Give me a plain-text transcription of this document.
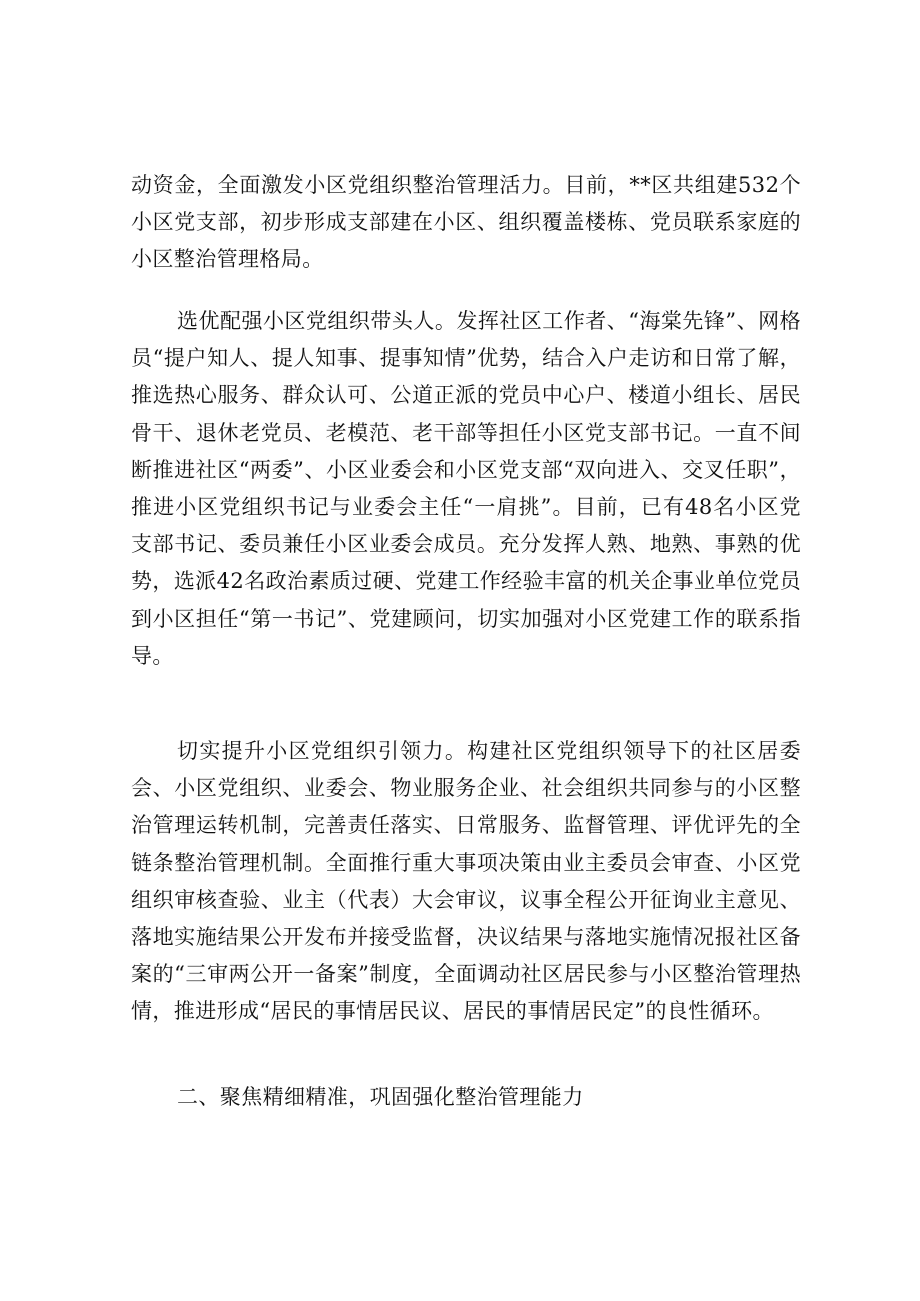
动资金，全面激发小区党组织整治管理活力。目前，**区共组建532个小区党支部，初步形成支部建在小区、组织覆盖楼栋、党员联系家庭的小区整治管理格局。

选优配强小区党组织带头人。发挥社区工作者、“海棠先锋”、网格员“提户知人、提人知事、提事知情”优势，结合入户走访和日常了解，推选热心服务、群众认可、公道正派的党员中心户、楼道小组长、居民骨干、退休老党员、老模范、老干部等担任小区党支部书记。一直不间断推进社区“两委”、小区业委会和小区党支部“双向进入、交叉任职”，推进小区党组织书记与业委会主任“一肩挑”。目前，已有48名小区党支部书记、委员兼任小区业委会成员。充分发挥人熟、地熟、事熟的优势，选派42名政治素质过硬、党建工作经验丰富的机关企事业单位党员到小区担任“第一书记”、党建顾问，切实加强对小区党建工作的联系指导。

切实提升小区党组织引领力。构建社区党组织领导下的社区居委会、小区党组织、业委会、物业服务企业、社会组织共同参与的小区整治管理运转机制，完善责任落实、日常服务、监督管理、评优评先的全链条整治管理机制。全面推行重大事项决策由业主委员会审查、小区党组织审核查验、业主（代表）大会审议，议事全程公开征询业主意见、落地实施结果公开发布并接受监督，决议结果与落地实施情况报社区备案的“三审两公开一备案”制度，全面调动社区居民参与小区整治管理热情，推进形成“居民的事情居民议、居民的事情居民定”的良性循环。

二、聚焦精细精准，巩固强化整治管理能力
